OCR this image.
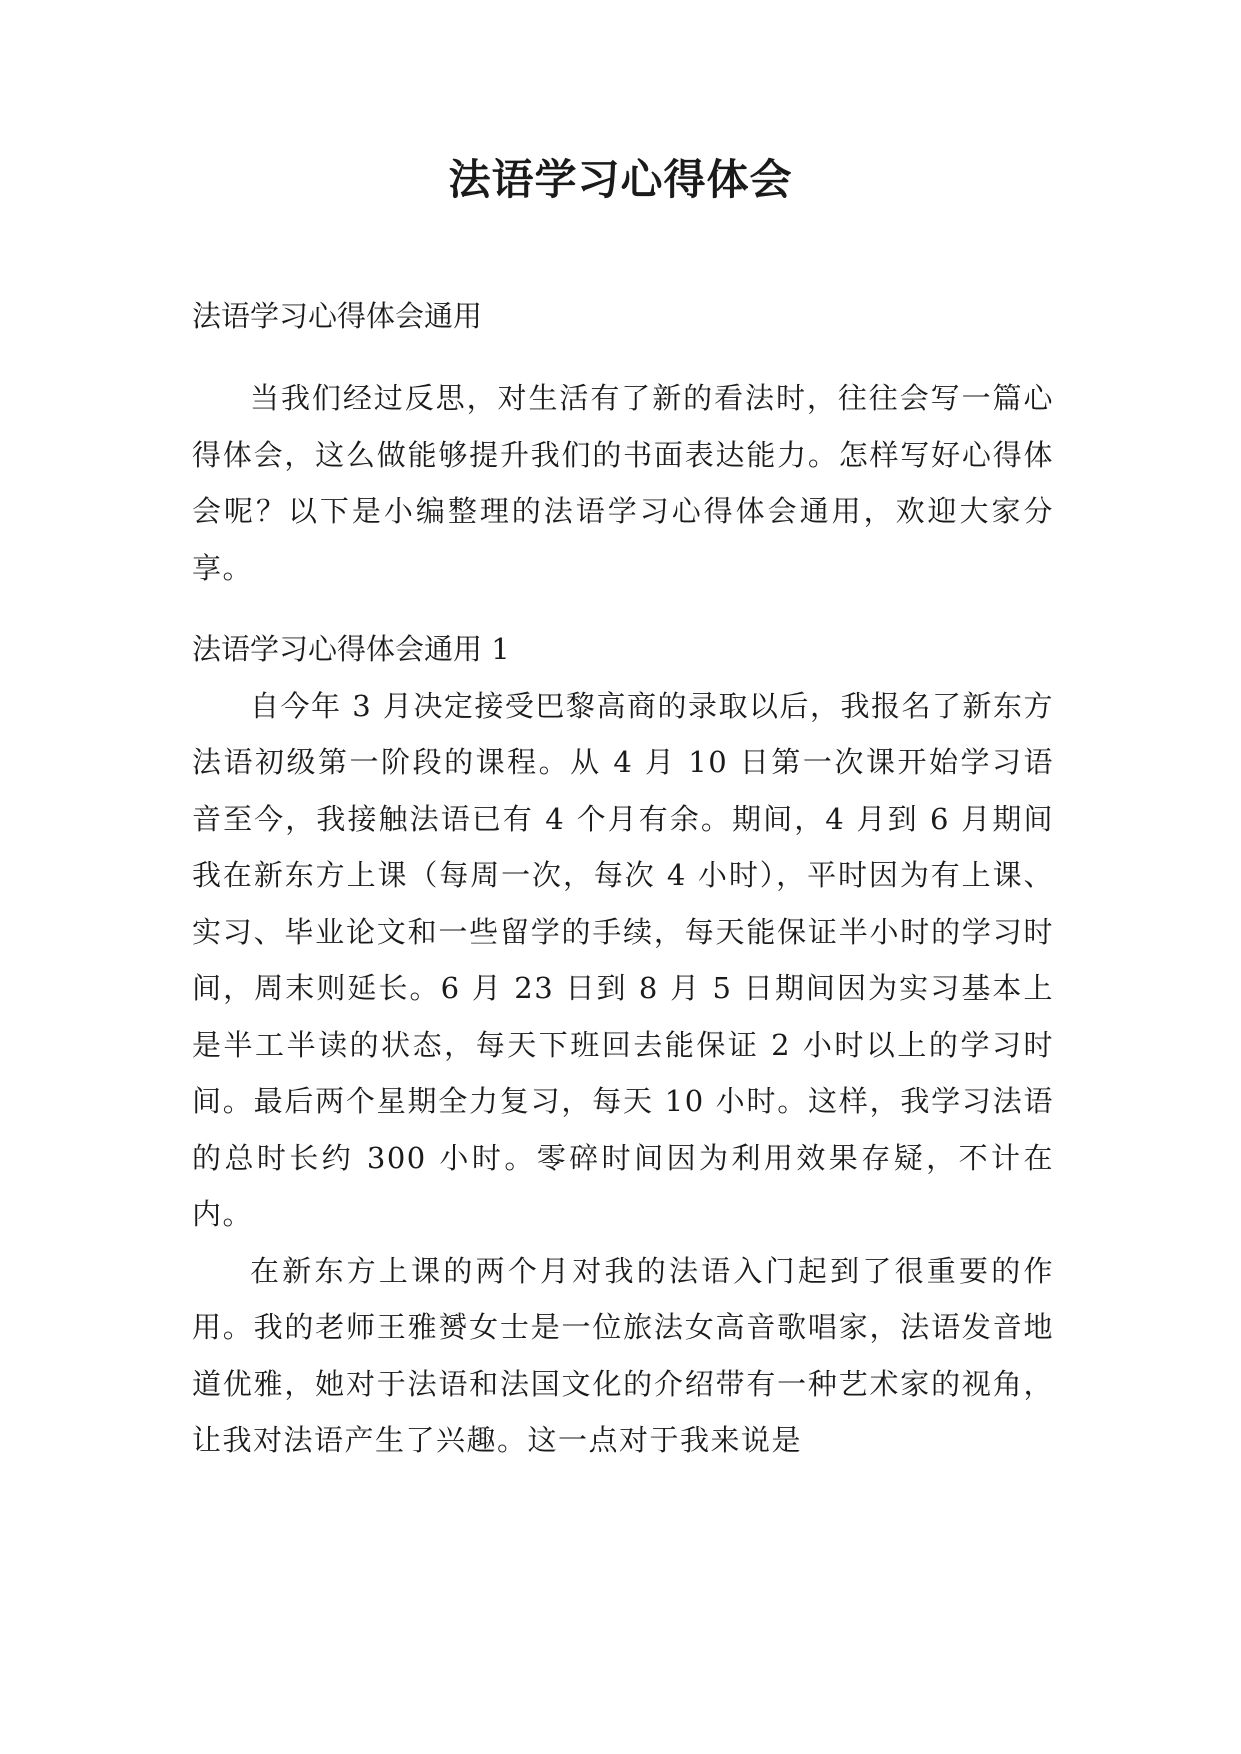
法语学习心得体会

法语学习心得体会通用

当我们经过反思，对生活有了新的看法时，往往会写一篇心得体会，这么做能够提升我们的书面表达能力。怎样写好心得体会呢？以下是小编整理的法语学习心得体会通用，欢迎大家分享。

法语学习心得体会通用 1

自今年 3 月决定接受巴黎高商的录取以后，我报名了新东方法语初级第一阶段的课程。从 4 月 10 日第一次课开始学习语音至今，我接触法语已有 4 个月有余。期间，4 月到 6 月期间我在新东方上课（每周一次，每次 4 小时），平时因为有上课、实习、毕业论文和一些留学的手续，每天能保证半小时的学习时间，周末则延长。6 月 23 日到 8 月 5 日期间因为实习基本上是半工半读的状态，每天下班回去能保证 2 小时以上的学习时间。最后两个星期全力复习，每天 10 小时。这样，我学习法语的总时长约 300 小时。零碎时间因为利用效果存疑，不计在内。

在新东方上课的两个月对我的法语入门起到了很重要的作用。我的老师王雅赟女士是一位旅法女高音歌唱家，法语发音地道优雅，她对于法语和法国文化的介绍带有一种艺术家的视角，让我对法语产生了兴趣。这一点对于我来说是
